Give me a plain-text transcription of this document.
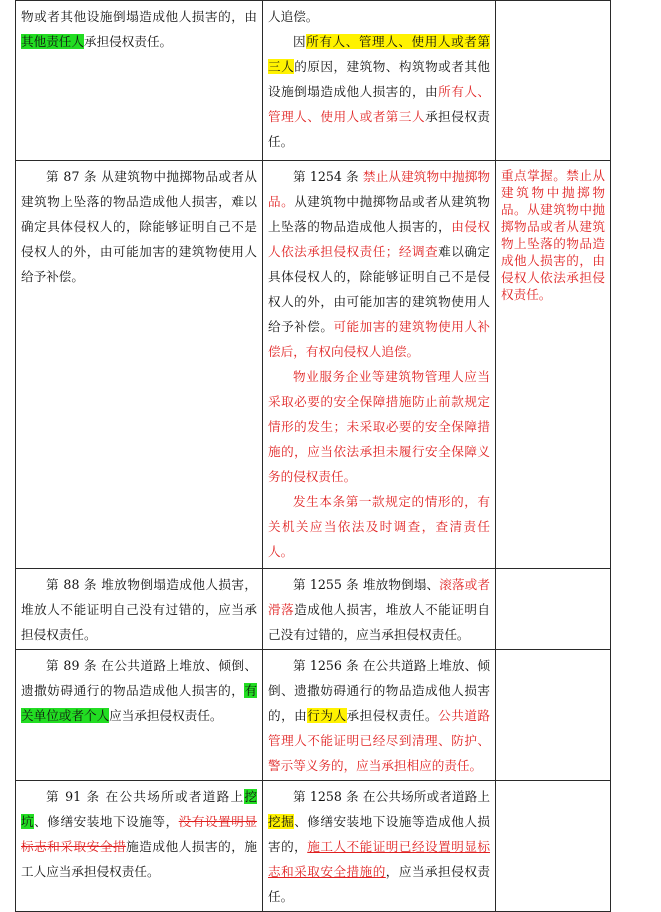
物或者其他设施倒塌造成他人损害的，由其他责任人承担侵权责任。	人追偿。

因所有人、管理人、使用人或者第三人的原因，建筑物、构筑物或者其他设施倒塌造成他人损害的，由所有人、管理人、使用人或者第三人承担侵权责任。	

第 87 条 从建筑物中抛掷物品或者从建筑物上坠落的物品造成他人损害，难以确定具体侵权人的，除能够证明自己不是侵权人的外，由可能加害的建筑物使用人给予补偿。	第 1254 条 禁止从建筑物中抛掷物品。从建筑物中抛掷物品或者从建筑物上坠落的物品造成他人损害的，由侵权人依法承担侵权责任；经调查难以确定具体侵权人的，除能够证明自己不是侵权人的外，由可能加害的建筑物使用人给予补偿。可能加害的建筑物使用人补偿后，有权向侵权人追偿。

物业服务企业等建筑物管理人应当采取必要的安全保障措施防止前款规定情形的发生；未采取必要的安全保障措施的，应当依法承担未履行安全保障义务的侵权责任。

发生本条第一款规定的情形的，有关机关应当依法及时调查，查清责任人。	重点掌握。禁止从建筑物中抛掷物品。从建筑物中抛掷物品或者从建筑物上坠落的物品造成他人损害的，由侵权人依法承担侵权责任。

第 88 条 堆放物倒塌造成他人损害，堆放人不能证明自己没有过错的，应当承担侵权责任。	第 1255 条 堆放物倒塌、滚落或者滑落造成他人损害，堆放人不能证明自己没有过错的，应当承担侵权责任。	

第 89 条 在公共道路上堆放、倾倒、遗撒妨碍通行的物品造成他人损害的，有关单位或者个人应当承担侵权责任。	第 1256 条 在公共道路上堆放、倾倒、遗撒妨碍通行的物品造成他人损害的，由行为人承担侵权责任。公共道路管理人不能证明已经尽到清理、防护、警示等义务的，应当承担相应的责任。	

第 91 条 在公共场所或者道路上挖坑、修缮安装地下设施等，没有设置明显标志和采取安全措施造成他人损害的，施工人应当承担侵权责任。	第 1258 条 在公共场所或者道路上挖掘、修缮安装地下设施等造成他人损害的，施工人不能证明已经设置明显标志和采取安全措施的，应当承担侵权责任。	
